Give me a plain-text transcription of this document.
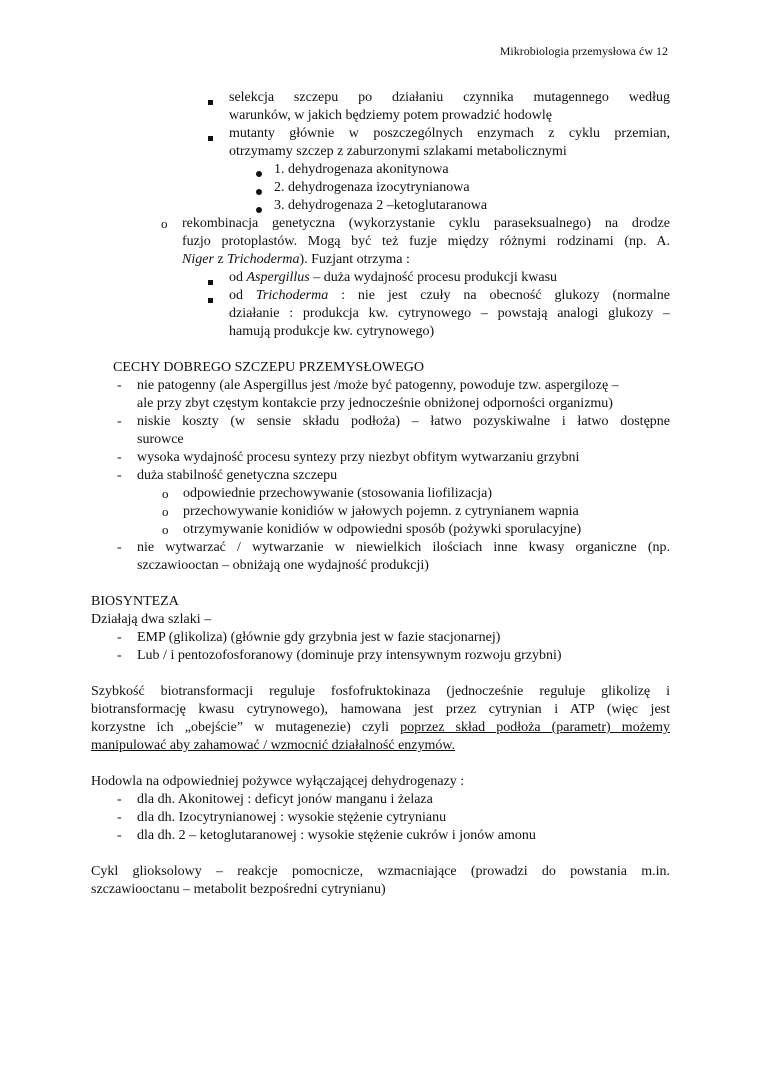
Mikrobiologia przemysłowa ćw 12
selekcja szczepu po działaniu czynnika mutagennego według
warunków, w jakich będziemy potem prowadzić hodowlę
mutanty głównie w poszczególnych enzymach z cyklu przemian,
otrzymamy szczep z zaburzonymi szlakami metabolicznymi
1. dehydrogenaza akonitynowa
2. dehydrogenaza izocytrynianowa
3. dehydrogenaza 2 –ketoglutaranowa
o rekombinacja genetyczna (wykorzystanie cyklu paraseksualnego) na drodze
fuzjo protoplastów. Mogą być też fuzje między różnymi rodzinami (np. A.
Niger z Trichoderma). Fuzjant otrzyma :
od Aspergillus – duża wydajność procesu produkcji kwasu
od Trichoderma : nie jest czuły na obecność glukozy (normalne
działanie : produkcja kw. cytrynowego – powstają analogi glukozy –
hamują produkcje kw. cytrynowego)
CECHY DOBREGO SZCZEPU PRZEMYSŁOWEGO
- nie patogenny (ale Aspergillus jest /może być patogenny, powoduje tzw. aspergilozę –
ale przy zbyt częstym kontakcie przy jednocześnie obniżonej odporności organizmu)
- niskie koszty (w sensie składu podłoża) – łatwo pozyskiwalne i łatwo dostępne
surowce
- wysoka wydajność procesu syntezy przy niezbyt obfitym wytwarzaniu grzybni
- duża stabilność genetyczna szczepu
o odpowiednie przechowywanie (stosowania liofilizacja)
o przechowywanie konidiów w jałowych pojemn. z cytrynianem wapnia
o otrzymywanie konidiów w odpowiedni sposób (pożywki sporulacyjne)
- nie wytwarzać / wytwarzanie w niewielkich ilościach inne kwasy organiczne (np.
szczawiooctan – obniżają one wydajność produkcji)
BIOSYNTEZA
Działają dwa szlaki –
- EMP (glikoliza) (głównie gdy grzybnia jest w fazie stacjonarnej)
- Lub / i pentozofosforanowy (dominuje przy intensywnym rozwoju grzybni)
Szybkość biotransformacji reguluje fosfofruktokinaza (jednocześnie reguluje glikolizę i
biotransformację kwasu cytrynowego), hamowana jest przez cytrynian i ATP (więc jest
korzystne ich „obejście” w mutagenezie) czyli poprzez skład podłoża (parametr) możemy
manipulować aby zahamować / wzmocnić działalność enzymów.
Hodowla na odpowiedniej pożywce wyłączającej dehydrogenazy :
- dla dh. Akonitowej : deficyt jonów manganu i żelaza
- dla dh. Izocytrynianowej : wysokie stężenie cytrynianu
- dla dh. 2 – ketoglutaranowej : wysokie stężenie cukrów i jonów amonu
Cykl glioksolowy – reakcje pomocnicze, wzmacniające (prowadzi do powstania m.in.
szczawiooctanu – metabolit bezpośredni cytrynianu)
